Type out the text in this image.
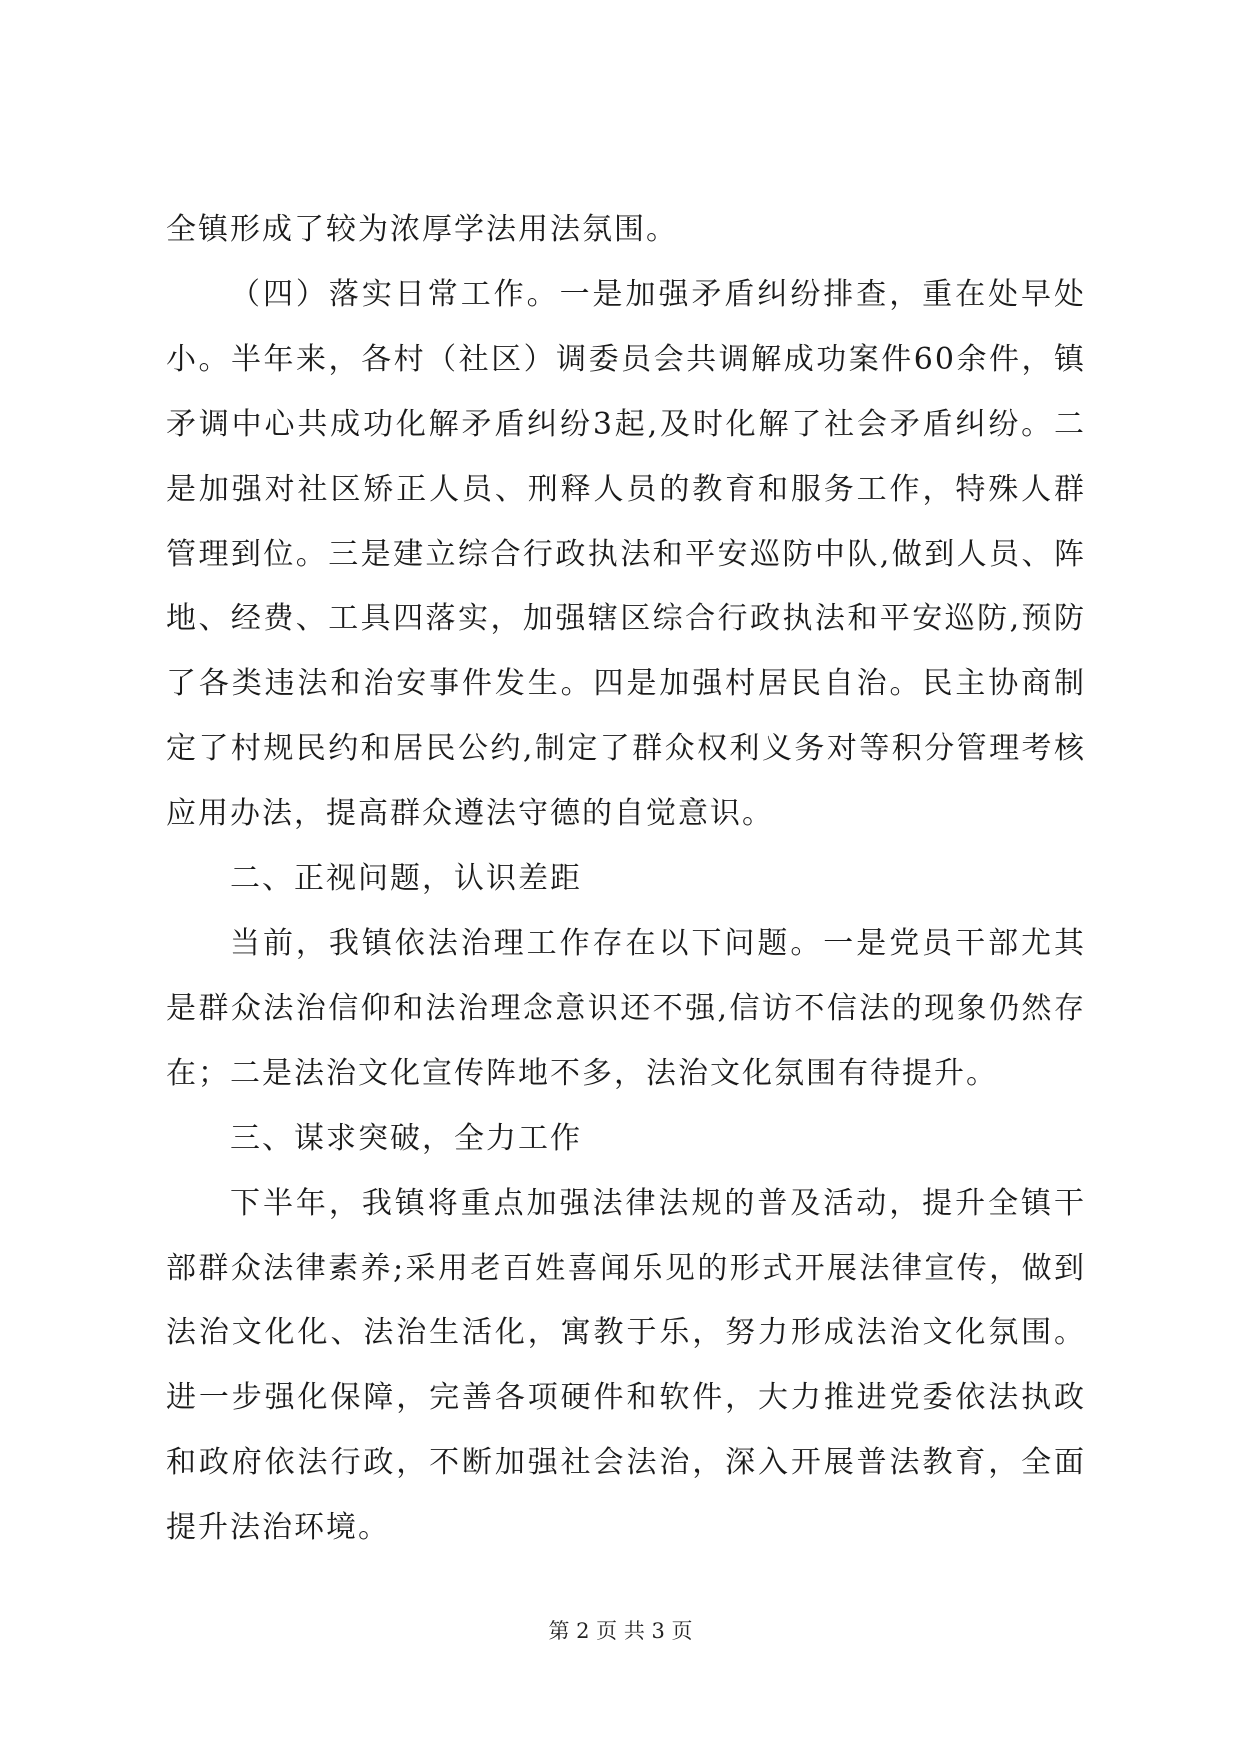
全镇形成了较为浓厚学法用法氛围。

（四）落实日常工作。一是加强矛盾纠纷排查，重在处早处小。半年来，各村（社区）调委员会共调解成功案件60余件，镇矛调中心共成功化解矛盾纠纷3起,及时化解了社会矛盾纠纷。二是加强对社区矫正人员、刑释人员的教育和服务工作，特殊人群管理到位。三是建立综合行政执法和平安巡防中队,做到人员、阵地、经费、工具四落实，加强辖区综合行政执法和平安巡防,预防了各类违法和治安事件发生。四是加强村居民自治。民主协商制定了村规民约和居民公约,制定了群众权利义务对等积分管理考核应用办法，提高群众遵法守德的自觉意识。

二、正视问题，认识差距

当前，我镇依法治理工作存在以下问题。一是党员干部尤其是群众法治信仰和法治理念意识还不强,信访不信法的现象仍然存在；二是法治文化宣传阵地不多，法治文化氛围有待提升。

三、谋求突破，全力工作

下半年，我镇将重点加强法律法规的普及活动，提升全镇干部群众法律素养;采用老百姓喜闻乐见的形式开展法律宣传，做到法治文化化、法治生活化，寓教于乐，努力形成法治文化氛围。进一步强化保障，完善各项硬件和软件，大力推进党委依法执政和政府依法行政，不断加强社会法治，深入开展普法教育，全面提升法治环境。

第 2 页 共 3 页
